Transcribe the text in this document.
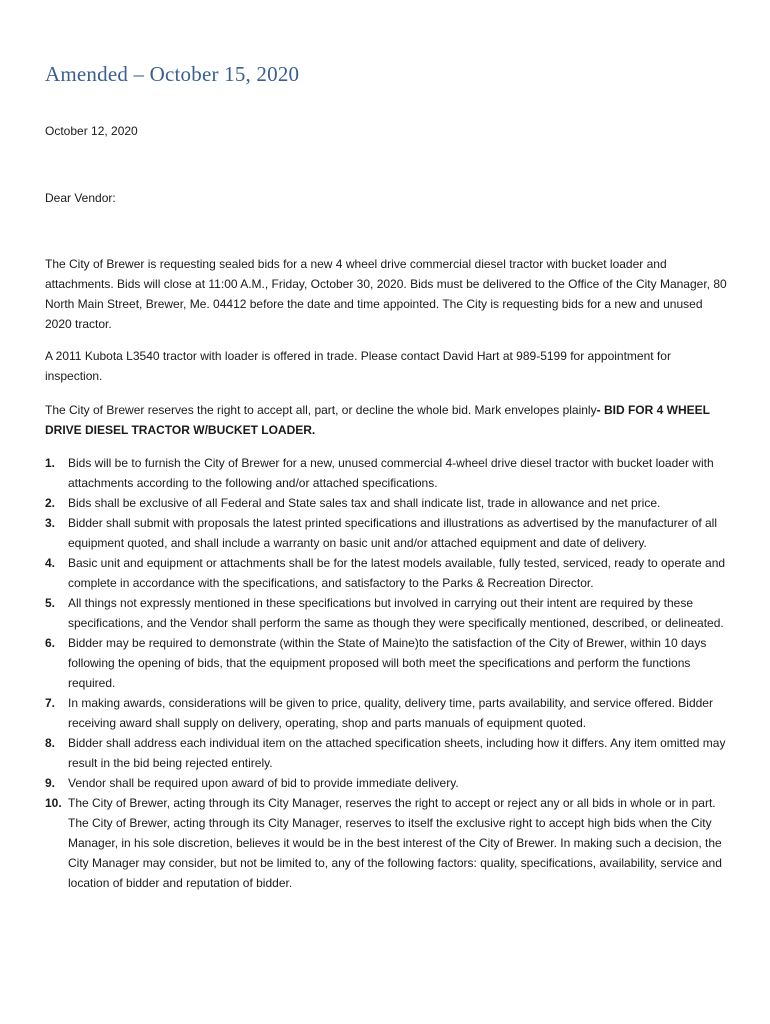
Amended – October 15, 2020
October 12, 2020
Dear Vendor:
The City of Brewer is requesting sealed bids for a new 4 wheel drive commercial diesel tractor with bucket loader and attachments. Bids will close at 11:00 A.M., Friday, October 30, 2020. Bids must be delivered to the Office of the City Manager, 80 North Main Street, Brewer, Me. 04412 before the date and time appointed. The City is requesting bids for a new and unused 2020 tractor.
A 2011 Kubota L3540 tractor with loader is offered in trade. Please contact David Hart at 989-5199 for appointment for inspection.
The City of Brewer reserves the right to accept all, part, or decline the whole bid. Mark envelopes plainly- BID FOR 4 WHEEL DRIVE DIESEL TRACTOR W/BUCKET LOADER.
1. Bids will be to furnish the City of Brewer for a new, unused commercial 4-wheel drive diesel tractor with bucket loader with attachments according to the following and/or attached specifications.
2. Bids shall be exclusive of all Federal and State sales tax and shall indicate list, trade in allowance and net price.
3. Bidder shall submit with proposals the latest printed specifications and illustrations as advertised by the manufacturer of all equipment quoted, and shall include a warranty on basic unit and/or attached equipment and date of delivery.
4. Basic unit and equipment or attachments shall be for the latest models available, fully tested, serviced, ready to operate and complete in accordance with the specifications, and satisfactory to the Parks & Recreation Director.
5. All things not expressly mentioned in these specifications but involved in carrying out their intent are required by these specifications, and the Vendor shall perform the same as though they were specifically mentioned, described, or delineated.
6. Bidder may be required to demonstrate (within the State of Maine)to the satisfaction of the City of Brewer, within 10 days following the opening of bids, that the equipment proposed will both meet the specifications and perform the functions required.
7. In making awards, considerations will be given to price, quality, delivery time, parts availability, and service offered. Bidder receiving award shall supply on delivery, operating, shop and parts manuals of equipment quoted.
8. Bidder shall address each individual item on the attached specification sheets, including how it differs. Any item omitted may result in the bid being rejected entirely.
9. Vendor shall be required upon award of bid to provide immediate delivery.
10. The City of Brewer, acting through its City Manager, reserves the right to accept or reject any or all bids in whole or in part. The City of Brewer, acting through its City Manager, reserves to itself the exclusive right to accept high bids when the City Manager, in his sole discretion, believes it would be in the best interest of the City of Brewer. In making such a decision, the City Manager may consider, but not be limited to, any of the following factors: quality, specifications, availability, service and location of bidder and reputation of bidder.
